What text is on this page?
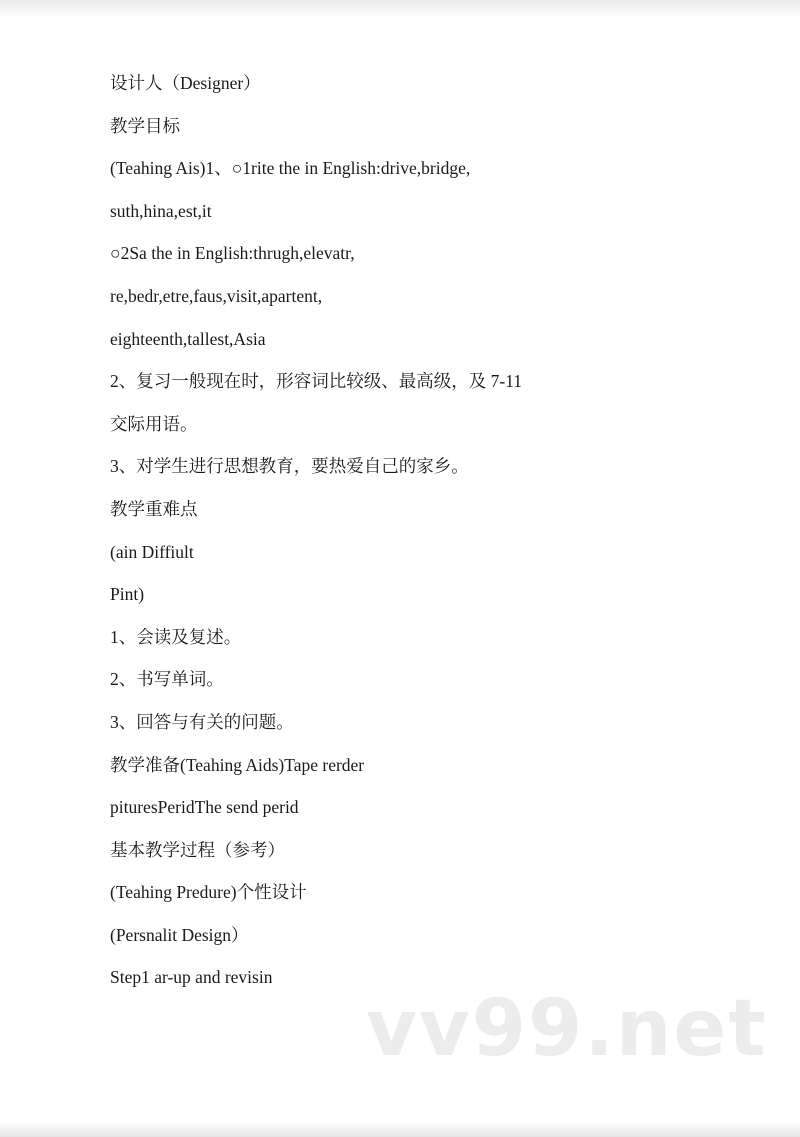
设计人（Designer）
教学目标
(Teahing Ais)1、○1rite the in English:drive,bridge,
suth,hina,est,it
○2Sa the in English:thrugh,elevatr,
re,bedr,etre,faus,visit,apartent,
eighteenth,tallest,Asia
2、复习一般现在时，形容词比较级、最高级，及 7-11
交际用语。
3、对学生进行思想教育，要热爱自己的家乡。
教学重难点
(ain Diffiult
Pint)
1、会读及复述。
2、书写单词。
3、回答与有关的问题。
教学准备(Teahing Aids)Tape rerder
pituresPeridThe send perid
基本教学过程（参考）
(Teahing Predure)个性设计
(Persnalit Design）
Step1 ar-up and revisin
vv99.net
